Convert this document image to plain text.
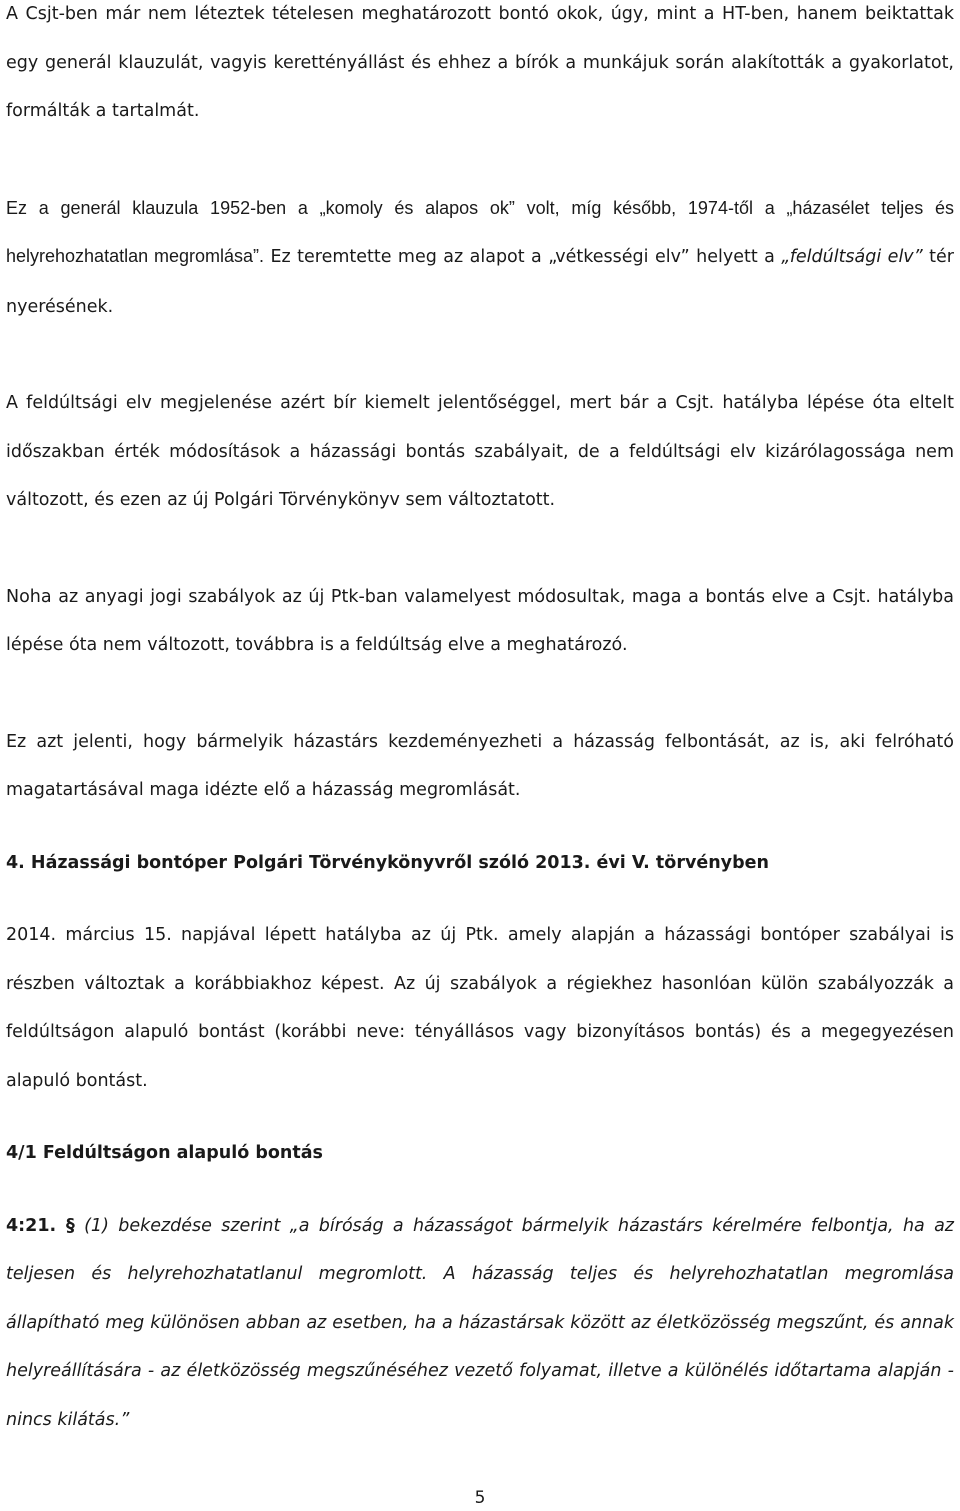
A Csjt-ben már nem léteztek tételesen meghatározott bontó okok, úgy, mint a HT-ben, hanem beiktattak egy generál klauzulát, vagyis kerettényállást és ehhez a bírók a munkájuk során alakították a gyakorlatot, formálták a tartalmát.

Ez a generál klauzula 1952-ben a „komoly és alapos ok” volt, míg később, 1974-től a „házasélet teljes és helyrehozhatatlan megromlása”. Ez teremtette meg az alapot a „vétkességi elv” helyett a „feldúltsági elv” tér nyerésének.

A feldúltsági elv megjelenése azért bír kiemelt jelentőséggel, mert bár a Csjt. hatályba lépése óta eltelt időszakban érték módosítások a házassági bontás szabályait, de a feldúltsági elv kizárólagossága nem változott, és ezen az új Polgári Törvénykönyv sem változtatott.

Noha az anyagi jogi szabályok az új Ptk-ban valamelyest módosultak, maga a bontás elve a Csjt. hatályba lépése óta nem változott, továbbra is a feldúltság elve a meghatározó.

Ez azt jelenti, hogy bármelyik házastárs kezdeményezheti a házasság felbontását, az is, aki felróható magatartásával maga idézte elő a házasság megromlását.

4. Házassági bontóper Polgári Törvénykönyvről szóló 2013. évi V. törvényben

2014. március 15. napjával lépett hatályba az új Ptk. amely alapján a házassági bontóper szabályai is részben változtak a korábbiakhoz képest. Az új szabályok a régiekhez hasonlóan külön szabályozzák a feldúltságon alapuló bontást (korábbi neve: tényállásos vagy bizonyításos bontás) és a megegyezésen alapuló bontást.

4/1 Feldúltságon alapuló bontás

4:21. § (1) bekezdése szerint „a bíróság a házasságot bármelyik házastárs kérelmére felbontja, ha az teljesen és helyrehozhatatlanul megromlott. A házasság teljes és helyrehozhatatlan megromlása állapítható meg különösen abban az esetben, ha a házastársak között az életközösség megszűnt, és annak helyreállítására - az életközösség megszűnéséhez vezető folyamat, illetve a különélés időtartama alapján - nincs kilátás.”

5
